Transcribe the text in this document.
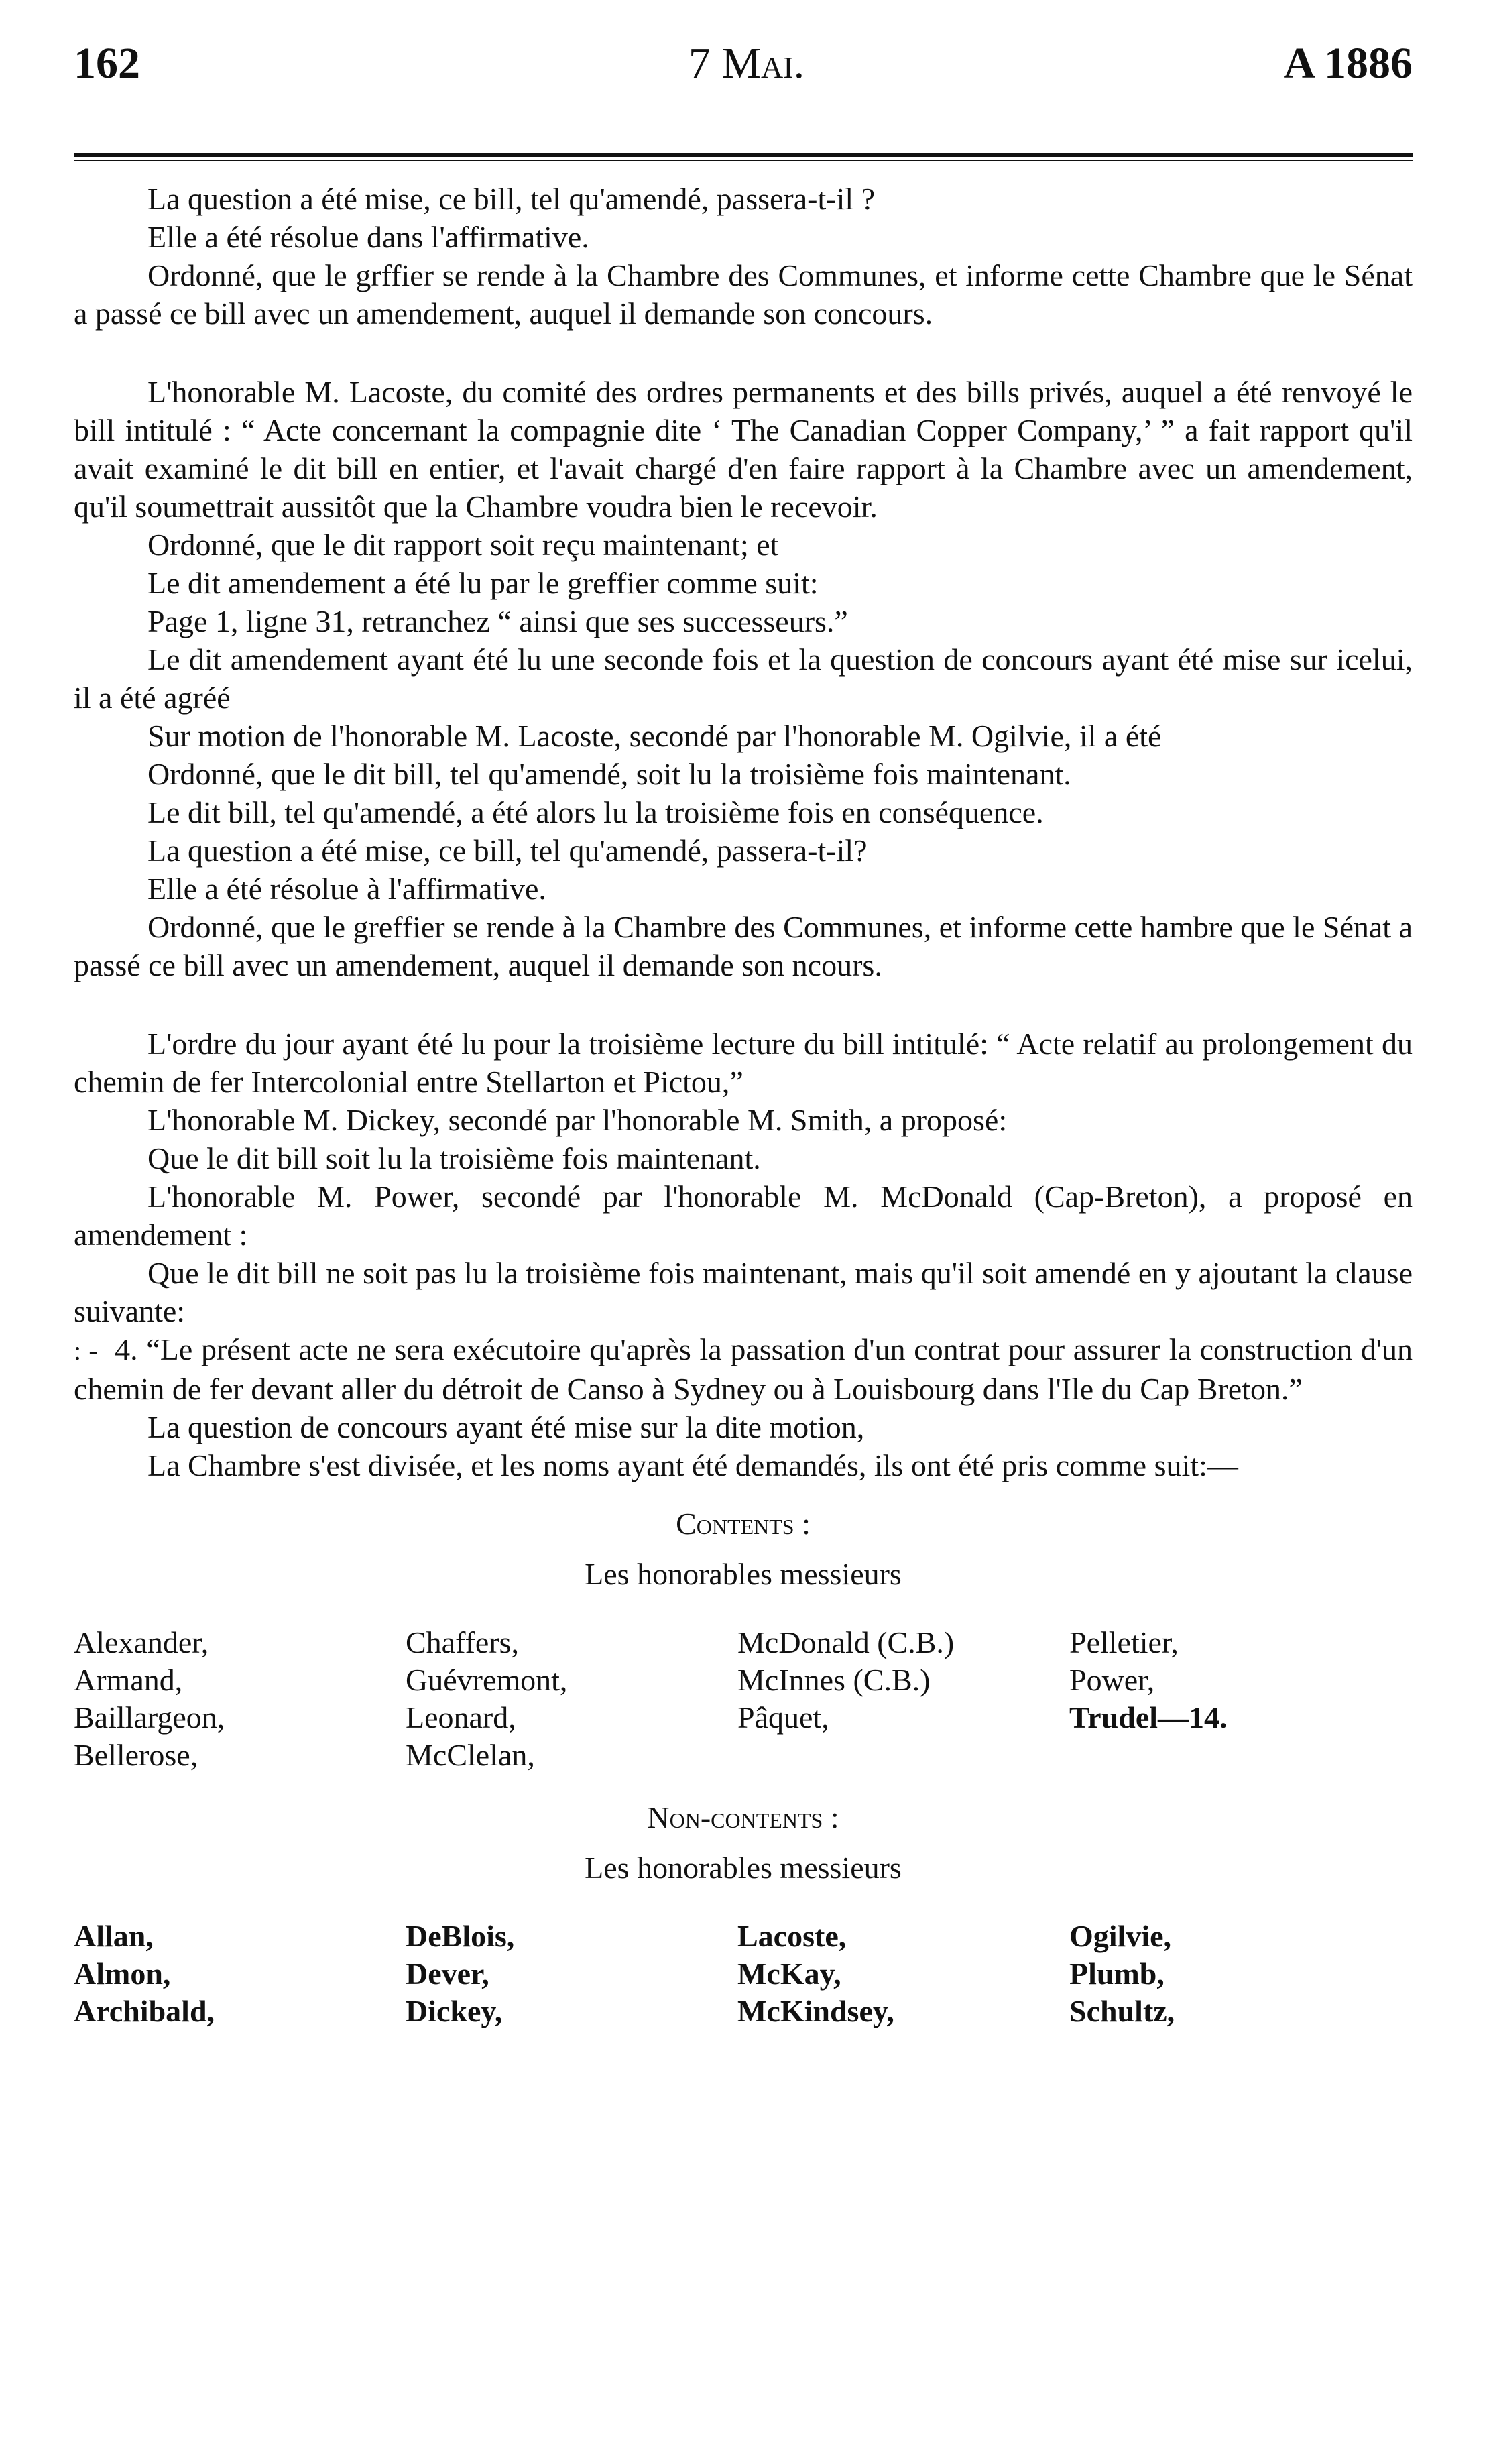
7 Mai.
162	A 1886

La question a été mise, ce bill, tel qu'amendé, passera-t-il ?

Elle a été résolue dans l'affirmative.

Ordonné, que le grffier se rende à la Chambre des Communes, et informe cette Chambre que le Sénat a passé ce bill avec un amendement, auquel il demande son concours.

L'honorable M. Lacoste, du comité des ordres permanents et des bills privés, auquel a été renvoyé le bill intitulé : “ Acte concernant la compagnie dite ‘ The Canadian Copper Company,’ ” a fait rapport qu'il avait examiné le dit bill en entier, et l'avait chargé d'en faire rapport à la Chambre avec un amendement, qu'il soumettrait aussitôt que la Chambre voudra bien le recevoir.

Ordonné, que le dit rapport soit reçu maintenant; et

Le dit amendement a été lu par le greffier comme suit:

Page 1, ligne 31, retranchez “ ainsi que ses successeurs.”

Le dit amendement ayant été lu une seconde fois et la question de concours ayant été mise sur icelui, il a été agréé

Sur motion de l'honorable M. Lacoste, secondé par l'honorable M. Ogilvie, il a été

Ordonné, que le dit bill, tel qu'amendé, soit lu la troisième fois maintenant.

Le dit bill, tel qu'amendé, a été alors lu la troisième fois en conséquence.

La question a été mise, ce bill, tel qu'amendé, passera-t-il?

Elle a été résolue à l'affirmative.

Ordonné, que le greffier se rende à la Chambre des Communes, et informe cette hambre que le Sénat a passé ce bill avec un amendement, auquel il demande son ncours.

L'ordre du jour ayant été lu pour la troisième lecture du bill intitulé: “ Acte relatif au prolongement du chemin de fer Intercolonial entre Stellarton et Pictou,”

L'honorable M. Dickey, secondé par l'honorable M. Smith, a proposé:

Que le dit bill soit lu la troisième fois maintenant.

L'honorable M. Power, secondé par l'honorable M. McDonald (Cap-Breton), a proposé en amendement :

Que le dit bill ne soit pas lu la troisième fois maintenant, mais qu'il soit amendé en y ajoutant la clause suivante:

: - 4. “Le présent acte ne sera exécutoire qu'après la passation d'un contrat pour assurer la construction d'un chemin de fer devant aller du détroit de Canso à Sydney ou à Louisbourg dans l'Ile du Cap Breton.”

La question de concours ayant été mise sur la dite motion,

La Chambre s'est divisée, et les noms ayant été demandés, ils ont été pris comme suit:—

Contents :
Les honorables messieurs
Alexander,
Armand,
Baillargeon,
Bellerose,
Chaffers,
Guévremont,
Leonard,
McClelan,
McDonald (C.B.)
McInnes (C.B.)
Pâquet,
Pelletier,
Power,
Trudel—14.
Non-contents :
Les honorables messieurs
Allan,
Almon,
Archibald,
DeBlois,
Dever,
Dickey,
Lacoste,
McKay,
McKindsey,
Ogilvie,
Plumb,
Schultz,
